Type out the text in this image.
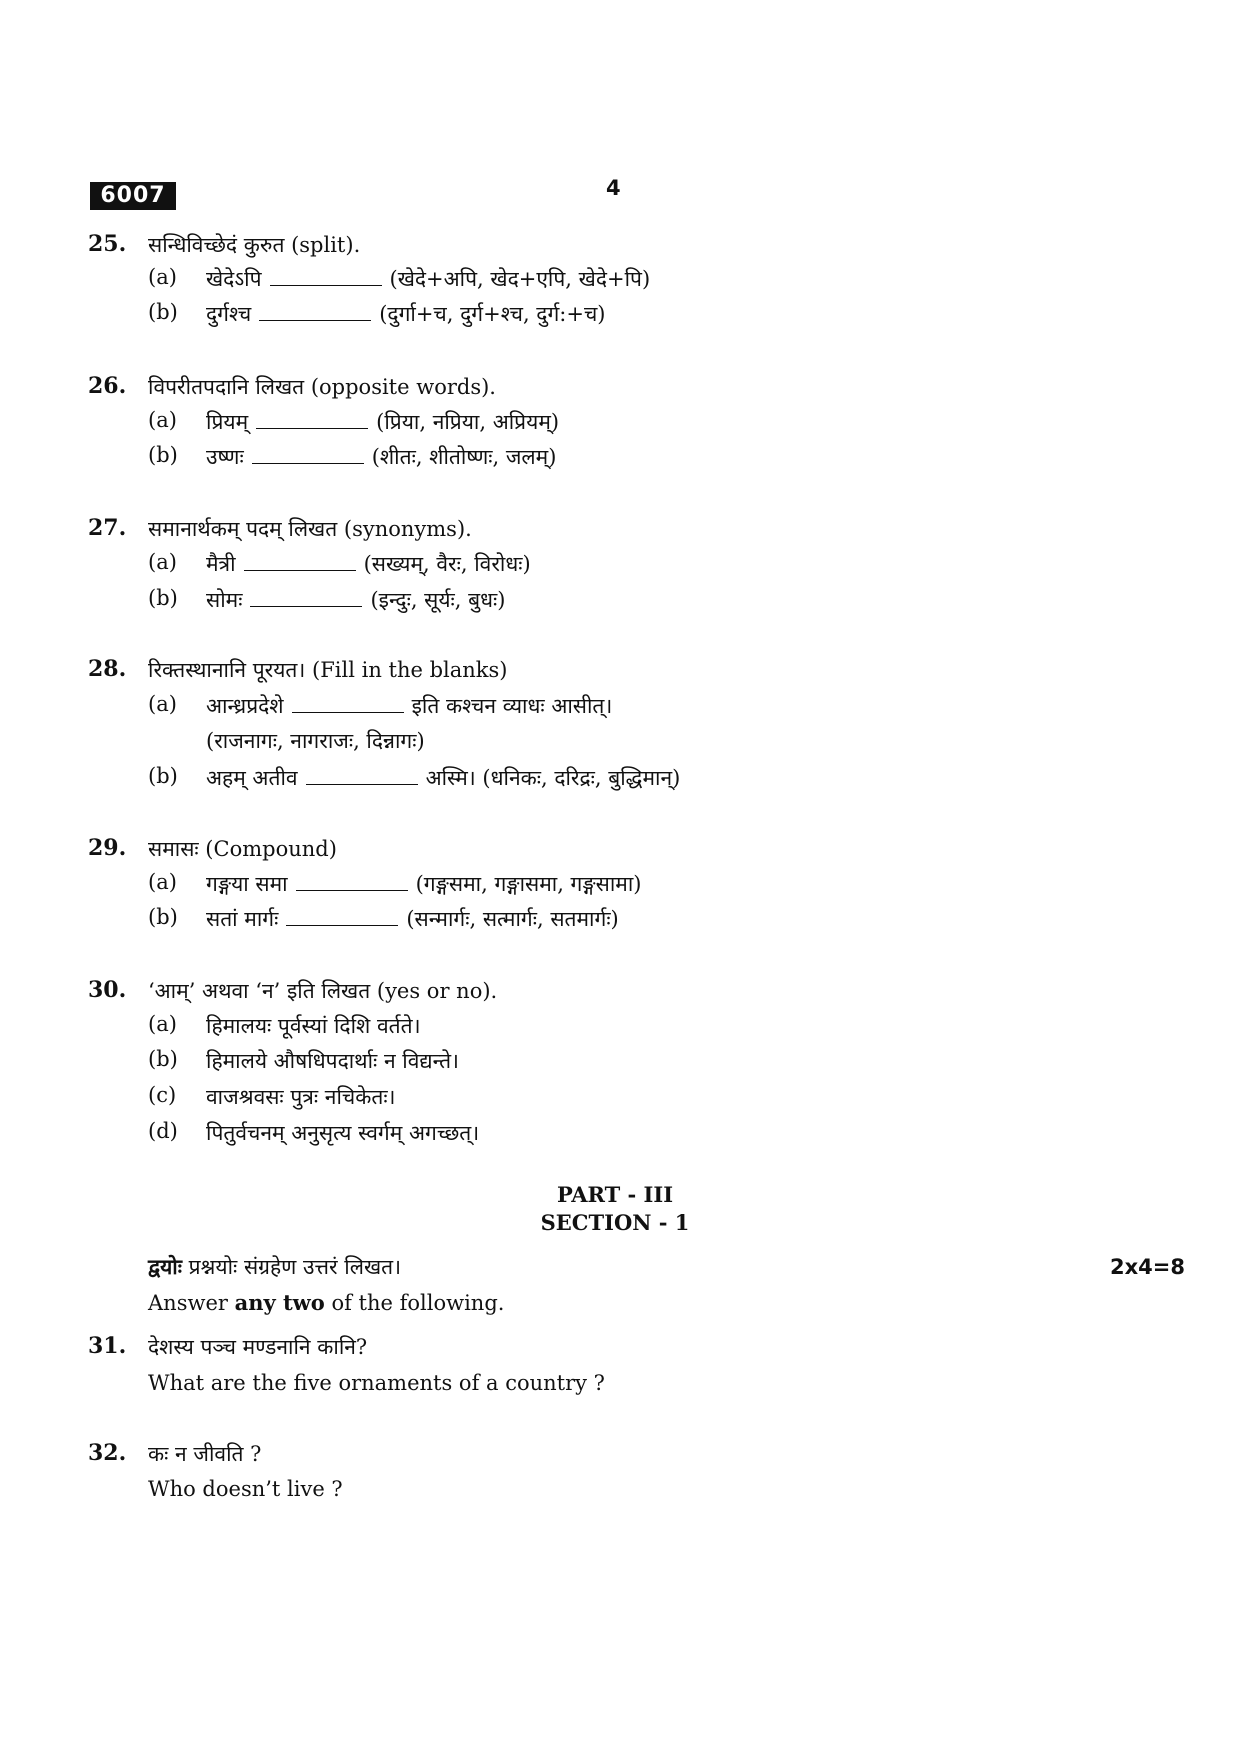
6007	4
25. सन्धिविच्छेदं कुरुत (split).
(a) खेदेऽपि	(खेदे+अपि, खेद+एपि, खेदे+पि)
(b) दुर्गश्च	(दुर्गा+च, दुर्ग+श्च, दुर्ग:+च)
26. विपरीतपदानि लिखत (opposite words).
(a) प्रियम्	(प्रिया, नप्रिया, अप्रियम्)
(b) उष्णः	(शीतः, शीतोष्णः, जलम्)
27. समानार्थकम् पदम् लिखत (synonyms).
(a) मैत्री	(सख्यम्, वैरः, विरोधः)
(b) सोमः	(इन्दुः, सूर्यः, बुधः)
28. रिक्तस्थानानि पूरयत। (Fill in the blanks)
(a) आन्ध्रप्रदेशे	इति कश्चन व्याधः आसीत्।
(राजनागः, नागराजः, दिन्नागः)
(b) अहम् अतीव	अस्मि। (धनिकः, दरिद्रः, बुद्धिमान्)
29. समासः (Compound)
(a) गङ्गया समा	(गङ्गसमा, गङ्गासमा, गङ्गसामा)
(b) सतां मार्गः	(सन्मार्गः, सत्मार्गः, सतमार्गः)
30. ‘आम्’ अथवा ‘न’ इति लिखत (yes or no).
(a) हिमालयः पूर्वस्यां दिशि वर्तते।
(b) हिमालये औषधिपदार्थाः न विद्यन्ते।
(c) वाजश्रवसः पुत्रः नचिकेतः।
(d) पितुर्वचनम् अनुसृत्य स्वर्गम् अगच्छत्।
PART - III
SECTION - 1
द्वयोः प्रश्नयोः संग्रहेण उत्तरं लिखत।	2x4=8
Answer any two of the following.
31. देशस्य पञ्च मण्डनानि कानि?
What are the five ornaments of a country ?
32. कः न जीवति ?
Who doesn’t live ?
